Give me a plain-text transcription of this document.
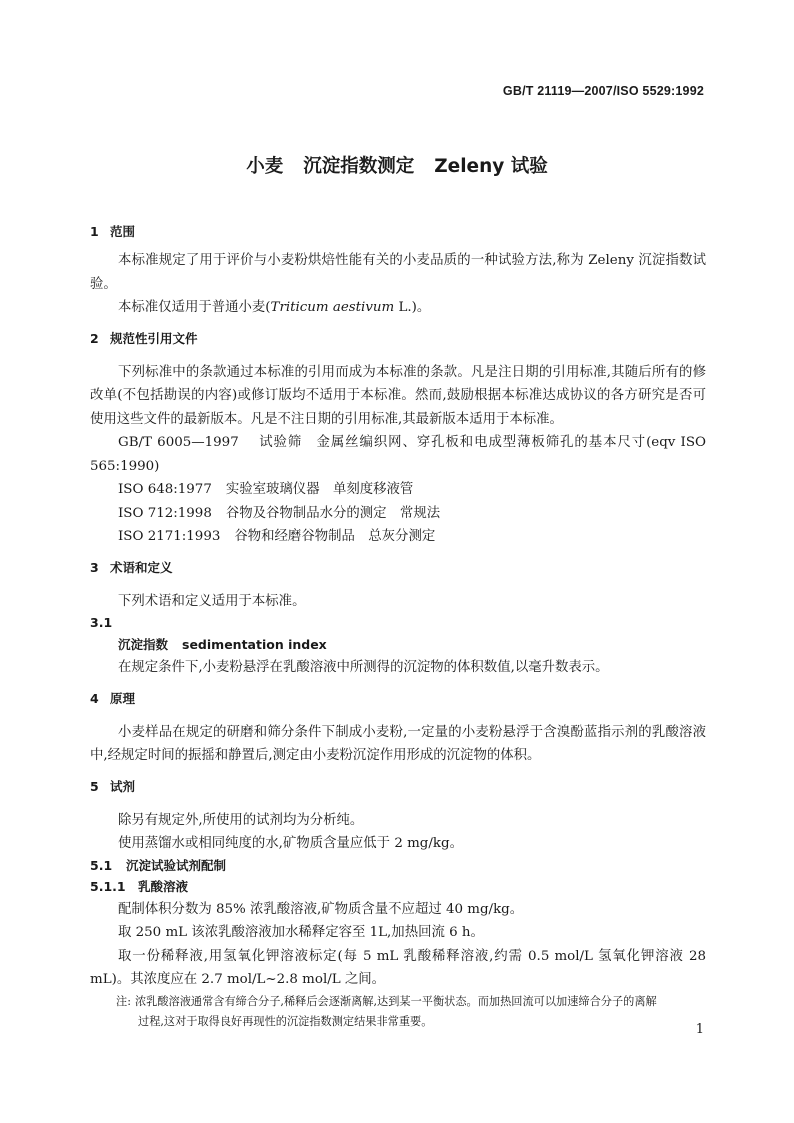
GB/T 21119—2007/ISO 5529:1992
小麦 沉淀指数测定 Zeleny 试验

1 范围

本标准规定了用于评价与小麦粉烘焙性能有关的小麦品质的一种试验方法,称为 Zeleny 沉淀指数试验。

本标准仅适用于普通小麦(Triticum aestivum L.)。

2 规范性引用文件

下列标准中的条款通过本标准的引用而成为本标准的条款。凡是注日期的引用标准,其随后所有的修改单(不包括勘误的内容)或修订版均不适用于本标准。然而,鼓励根据本标准达成协议的各方研究是否可使用这些文件的最新版本。凡是不注日期的引用标准,其最新版本适用于本标准。

GB/T 6005—1997　 试验筛　金属丝编织网、穿孔板和电成型薄板筛孔的基本尺寸(eqv ISO 565:1990)

ISO 648:1977 实验室玻璃仪器　单刻度移液管

ISO 712:1998 谷物及谷物制品水分的测定　常规法

ISO 2171:1993 谷物和经磨谷物制品　总灰分测定

3 术语和定义

下列术语和定义适用于本标准。

3.1

沉淀指数 sedimentation index

在规定条件下,小麦粉悬浮在乳酸溶液中所测得的沉淀物的体积数值,以毫升数表示。

4 原理

小麦样品在规定的研磨和筛分条件下制成小麦粉,一定量的小麦粉悬浮于含溴酚蓝指示剂的乳酸溶液中,经规定时间的振摇和静置后,测定由小麦粉沉淀作用形成的沉淀物的体积。

5 试剂

除另有规定外,所使用的试剂均为分析纯。

使用蒸馏水或相同纯度的水,矿物质含量应低于 2 mg/kg。

5.1 沉淀试验试剂配制

5.1.1 乳酸溶液

配制体积分数为 85% 浓乳酸溶液,矿物质含量不应超过 40 mg/kg。

取 250 mL 该浓乳酸溶液加水稀释定容至 1L,加热回流 6 h。

取一份稀释液,用氢氧化钾溶液标定(每 5 mL 乳酸稀释溶液,约需 0.5 mol/L 氢氧化钾溶液 28 mL)。其浓度应在 2.7 mol/L~2.8 mol/L 之间。

注: 浓乳酸溶液通常含有缔合分子,稀释后会逐渐离解,达到某一平衡状态。而加热回流可以加速缔合分子的离解

过程,这对于取得良好再现性的沉淀指数测定结果非常重要。

1
